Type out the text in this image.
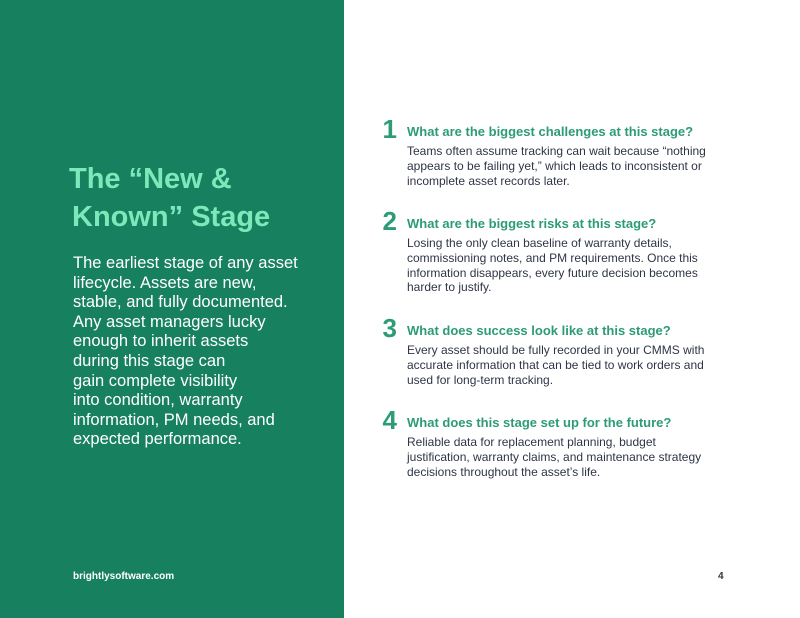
The “New &
Known” Stage

The earliest stage of any asset
lifecycle. Assets are new,
stable, and fully documented.
Any asset managers lucky
enough to inherit assets
during this stage can
gain complete visibility
into condition, warranty
information, PM needs, and
expected performance.

brightlysoftware.com

1 What are the biggest challenges at this stage?

Teams often assume tracking can wait because “nothing
appears to be failing yet,” which leads to inconsistent or
incomplete asset records later.

2 What are the biggest risks at this stage?

Losing the only clean baseline of warranty details,
commissioning notes, and PM requirements. Once this
information disappears, every future decision becomes
harder to justify.

3 What does success look like at this stage?

Every asset should be fully recorded in your CMMS with
accurate information that can be tied to work orders and
used for long-term tracking.

4 What does this stage set up for the future?

Reliable data for replacement planning, budget
justification, warranty claims, and maintenance strategy
decisions throughout the asset’s life.

4
